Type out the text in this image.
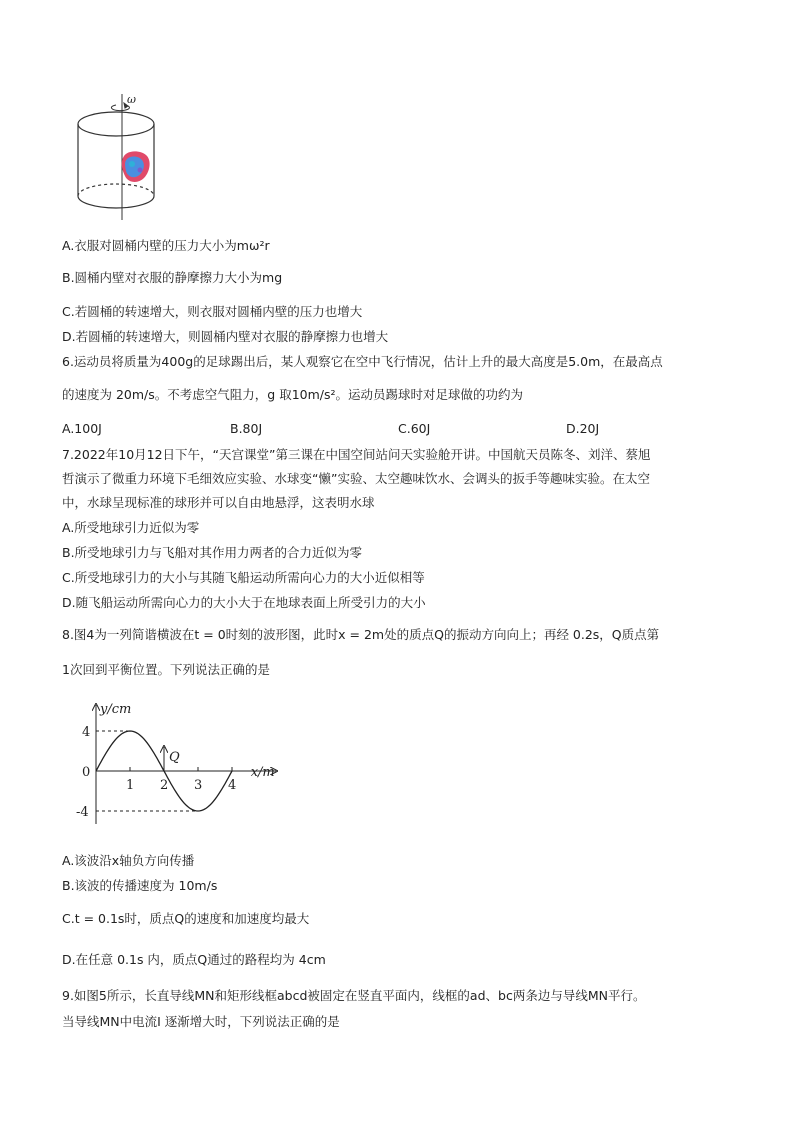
ω
A.衣服对圆桶内壁的压力大小为mω²r
B.圆桶内壁对衣服的静摩擦力大小为mg
C.若圆桶的转速增大，则衣服对圆桶内壁的压力也增大
D.若圆桶的转速增大，则圆桶内壁对衣服的静摩擦力也增大
6.运动员将质量为400g的足球踢出后，某人观察它在空中飞行情况，估计上升的最大高度是5.0m，在最高点
的速度为 20m/s。不考虑空气阻力，g 取10m/s²。运动员踢球时对足球做的功约为
A.100J	B.80J	C.60J	D.20J
7.2022年10月12日下午，“天宫课堂”第三课在中国空间站问天实验舱开讲。中国航天员陈冬、刘洋、蔡旭
哲演示了微重力环境下毛细效应实验、水球变“懒”实验、太空趣味饮水、会调头的扳手等趣味实验。在太空
中，水球呈现标准的球形并可以自由地悬浮，这表明水球
A.所受地球引力近似为零
B.所受地球引力与飞船对其作用力两者的合力近似为零
C.所受地球引力的大小与其随飞船运动所需向心力的大小近似相等
D.随飞船运动所需向心力的大小大于在地球表面上所受引力的大小
8.图4为一列简谐横波在t = 0时刻的波形图，此时x = 2m处的质点Q的振动方向向上；再经 0.2s，Q质点第
1次回到平衡位置。下列说法正确的是
1 2 3 4
4
-4
0
Q
y/cm
x/m
A.该波沿x轴负方向传播
B.该波的传播速度为 10m/s
C.t = 0.1s时，质点Q的速度和加速度均最大
D.在任意 0.1s 内，质点Q通过的路程均为 4cm
9.如图5所示，长直导线MN和矩形线框abcd被固定在竖直平面内，线框的ad、bc两条边与导线MN平行。
当导线MN中电流I 逐渐增大时，下列说法正确的是
